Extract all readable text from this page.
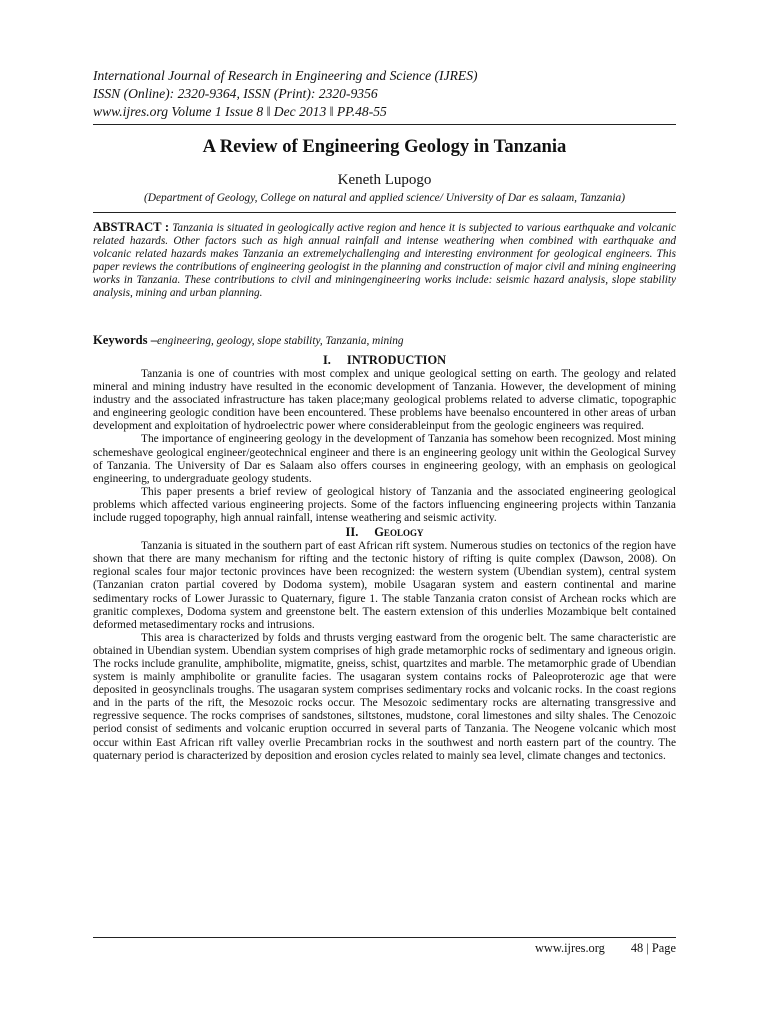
International Journal of Research in Engineering and Science (IJRES)
ISSN (Online): 2320-9364, ISSN (Print): 2320-9356
www.ijres.org Volume 1 Issue 8 ǁ Dec 2013 ǁ PP.48-55
A Review of Engineering Geology in Tanzania
Keneth Lupogo
(Department of Geology, College on natural and applied science/ University of Dar es salaam, Tanzania)
ABSTRACT : Tanzania is situated in geologically active region and hence it is subjected to various earthquake and volcanic related hazards. Other factors such as high annual rainfall and intense weathering when combined with earthquake and volcanic related hazards makes Tanzania an extremelychallenging and interesting environment for geological engineers. This paper reviews the contributions of engineering geologist in the planning and construction of major civil and mining engineering works in Tanzania. These contributions to civil and miningengineering works include: seismic hazard analysis, slope stability analysis, mining and urban planning.
Keywords –engineering, geology, slope stability, Tanzania, mining
I. INTRODUCTION

Tanzania is one of countries with most complex and unique geological setting on earth. The geology and related mineral and mining industry have resulted in the economic development of Tanzania. However, the development of mining industry and the associated infrastructure has taken place;many geological problems related to adverse climatic, topographic and engineering geologic condition have been encountered. These problems have beenalso encountered in other areas of urban development and exploitation of hydroelectric power where considerableinput from the geologic engineers was required.

The importance of engineering geology in the development of Tanzania has somehow been recognized. Most mining schemeshave geological engineer/geotechnical engineer and there is an engineering geology unit within the Geological Survey of Tanzania. The University of Dar es Salaam also offers courses in engineering geology, with an emphasis on geological engineering, to undergraduate geology students.

This paper presents a brief review of geological history of Tanzania and the associated engineering geological problems which affected various engineering projects. Some of the factors influencing engineering projects within Tanzania include rugged topography, high annual rainfall, intense weathering and seismic activity.

II. Geology

Tanzania is situated in the southern part of east African rift system. Numerous studies on tectonics of the region have shown that there are many mechanism for rifting and the tectonic history of rifting is quite complex (Dawson, 2008). On regional scales four major tectonic provinces have been recognized: the western system (Ubendian system), central system (Tanzanian craton partial covered by Dodoma system), mobile Usagaran system and eastern continental and marine sedimentary rocks of Lower Jurassic to Quaternary, figure 1. The stable Tanzania craton consist of Archean rocks which are granitic complexes, Dodoma system and greenstone belt. The eastern extension of this underlies Mozambique belt contained deformed metasedimentary rocks and intrusions.

This area is characterized by folds and thrusts verging eastward from the orogenic belt. The same characteristic are obtained in Ubendian system. Ubendian system comprises of high grade metamorphic rocks of sedimentary and igneous origin. The rocks include granulite, amphibolite, migmatite, gneiss, schist, quartzites and marble. The metamorphic grade of Ubendian system is mainly amphibolite or granulite facies. The usagaran system contains rocks of Paleoproterozic age that were deposited in geosynclinals troughs. The usagaran system comprises sedimentary rocks and volcanic rocks. In the coast regions and in the parts of the rift, the Mesozoic rocks occur. The Mesozoic sedimentary rocks are alternating transgressive and regressive sequence. The rocks comprises of sandstones, siltstones, mudstone, coral limestones and silty shales. The Cenozoic period consist of sediments and volcanic eruption occurred in several parts of Tanzania. The Neogene volcanic which most occur within East African rift valley overlie Precambrian rocks in the southwest and north eastern part of the country. The quaternary period is characterized by deposition and erosion cycles related to mainly sea level, climate changes and tectonics.

www.ijres.org 48 | Page
